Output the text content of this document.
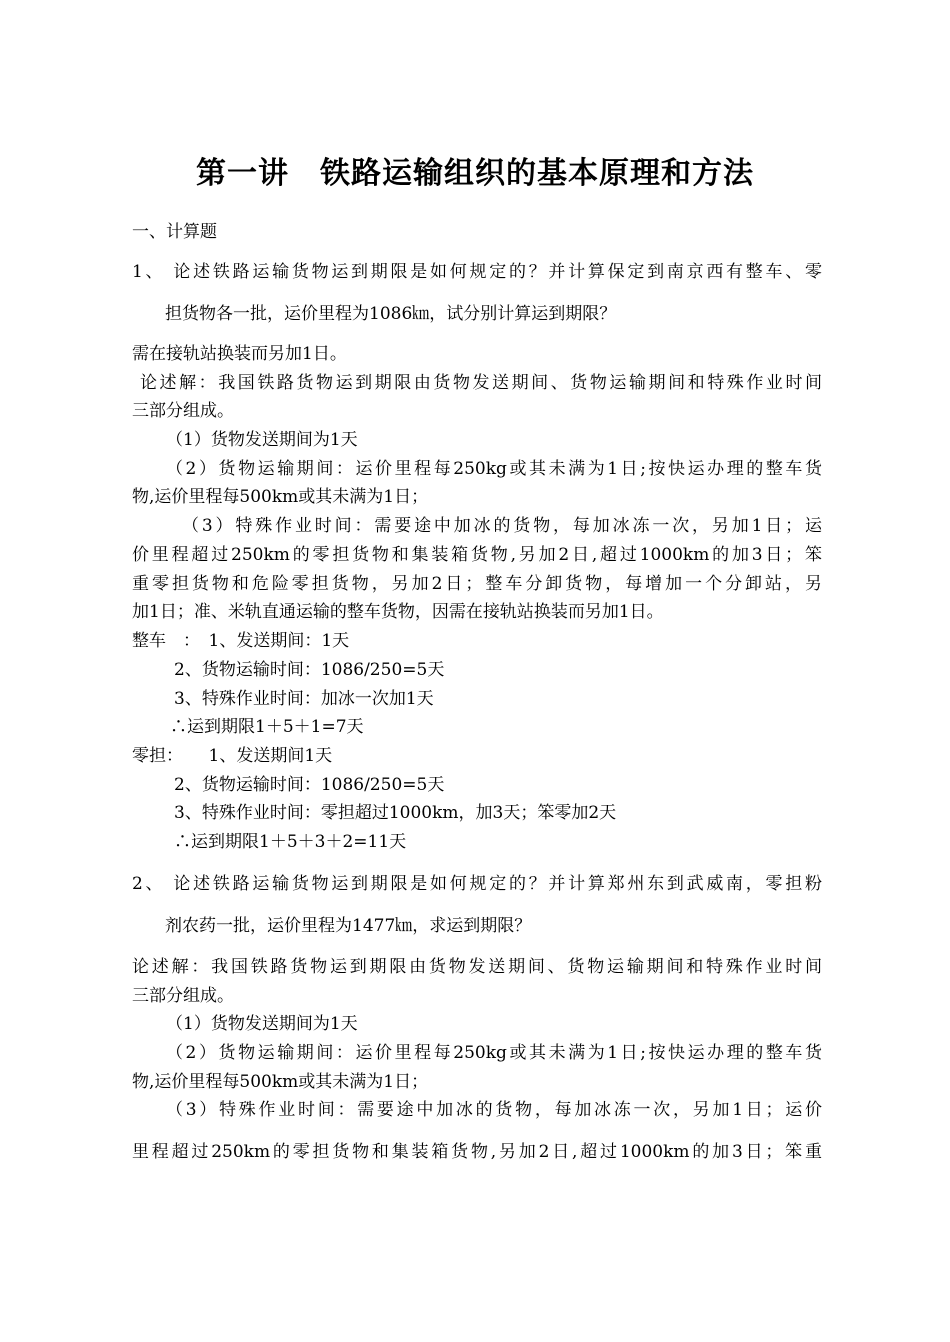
第一讲　铁路运输组织的基本原理和方法
一、计算题
1、 论述铁路运输货物运到期限是如何规定的？并计算保定到南京西有整车、零
担货物各一批，运价里程为1086㎞，试分别计算运到期限？
需在接轨站换装而另加1日。
论述解：我国铁路货物运到期限由货物发送期间、货物运输期间和特殊作业时间
三部分组成。
（1）货物发送期间为1天
（2）货物运输期间：运价里程每250kg或其未满为1日;按快运办理的整车货
物,运价里程每500km或其未满为1日；
（3）特殊作业时间：需要途中加冰的货物，每加冰冻一次，另加1日；运
价里程超过250km的零担货物和集装箱货物,另加2日,超过1000km的加3日；笨
重零担货物和危险零担货物，另加2日；整车分卸货物，每增加一个分卸站，另
加1日；准、米轨直通运输的整车货物，因需在接轨站换装而另加1日。
整车　：　1、发送期间：1天
2、货物运输时间：1086/250=5天
3、特殊作业时间：加冰一次加1天
∴运到期限1＋5＋1=7天
零担：　　1、发送期间1天
2、货物运输时间：1086/250=5天
3、特殊作业时间：零担超过1000km，加3天；笨零加2天
∴运到期限1＋5＋3＋2=11天
2、 论述铁路运输货物运到期限是如何规定的？并计算郑州东到武威南，零担粉
剂农药一批，运价里程为1477㎞，求运到期限？
论述解：我国铁路货物运到期限由货物发送期间、货物运输期间和特殊作业时间
三部分组成。
（1）货物发送期间为1天
（2）货物运输期间：运价里程每250kg或其未满为1日;按快运办理的整车货
物,运价里程每500km或其未满为1日；
（3）特殊作业时间：需要途中加冰的货物，每加冰冻一次，另加1日；运价
里程超过250km的零担货物和集装箱货物,另加2日,超过1000km的加3日；笨重
